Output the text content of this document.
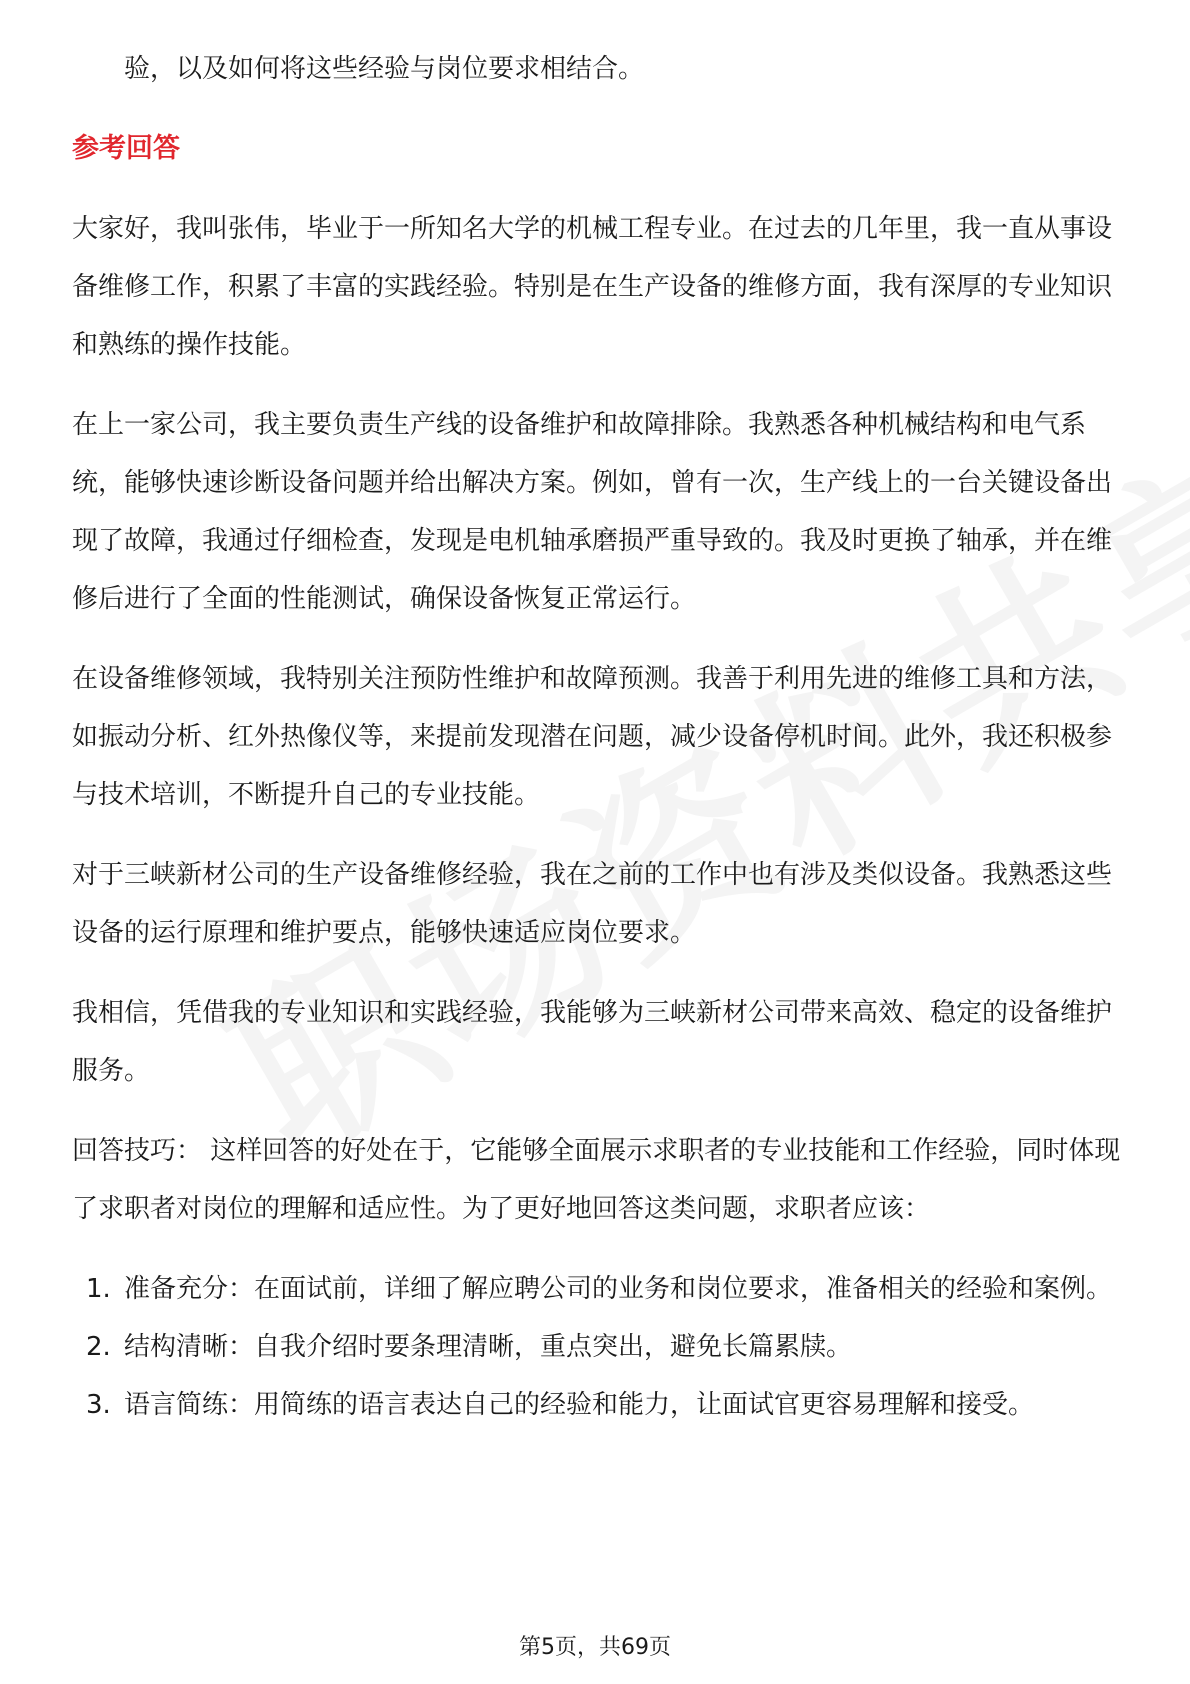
验，以及如何将这些经验与岗位要求相结合。

参考回答

大家好，我叫张伟，毕业于一所知名大学的机械工程专业。在过去的几年里，我一直从事设备维修工作，积累了丰富的实践经验。特别是在生产设备的维修方面，我有深厚的专业知识和熟练的操作技能。

在上一家公司，我主要负责生产线的设备维护和故障排除。我熟悉各种机械结构和电气系统，能够快速诊断设备问题并给出解决方案。例如，曾有一次，生产线上的一台关键设备出现了故障，我通过仔细检查，发现是电机轴承磨损严重导致的。我及时更换了轴承，并在维修后进行了全面的性能测试，确保设备恢复正常运行。

在设备维修领域，我特别关注预防性维护和故障预测。我善于利用先进的维修工具和方法，如振动分析、红外热像仪等，来提前发现潜在问题，减少设备停机时间。此外，我还积极参与技术培训，不断提升自己的专业技能。

对于三峡新材公司的生产设备维修经验，我在之前的工作中也有涉及类似设备。我熟悉这些设备的运行原理和维护要点，能够快速适应岗位要求。

我相信，凭借我的专业知识和实践经验，我能够为三峡新材公司带来高效、稳定的设备维护服务。

回答技巧： 这样回答的好处在于，它能够全面展示求职者的专业技能和工作经验，同时体现了求职者对岗位的理解和适应性。为了更好地回答这类问题，求职者应该：

1. 准备充分：在面试前，详细了解应聘公司的业务和岗位要求，准备相关的经验和案例。
2. 结构清晰：自我介绍时要条理清晰，重点突出，避免长篇累牍。
3. 语言简练：用简练的语言表达自己的经验和能力，让面试官更容易理解和接受。
第5页，共69页
